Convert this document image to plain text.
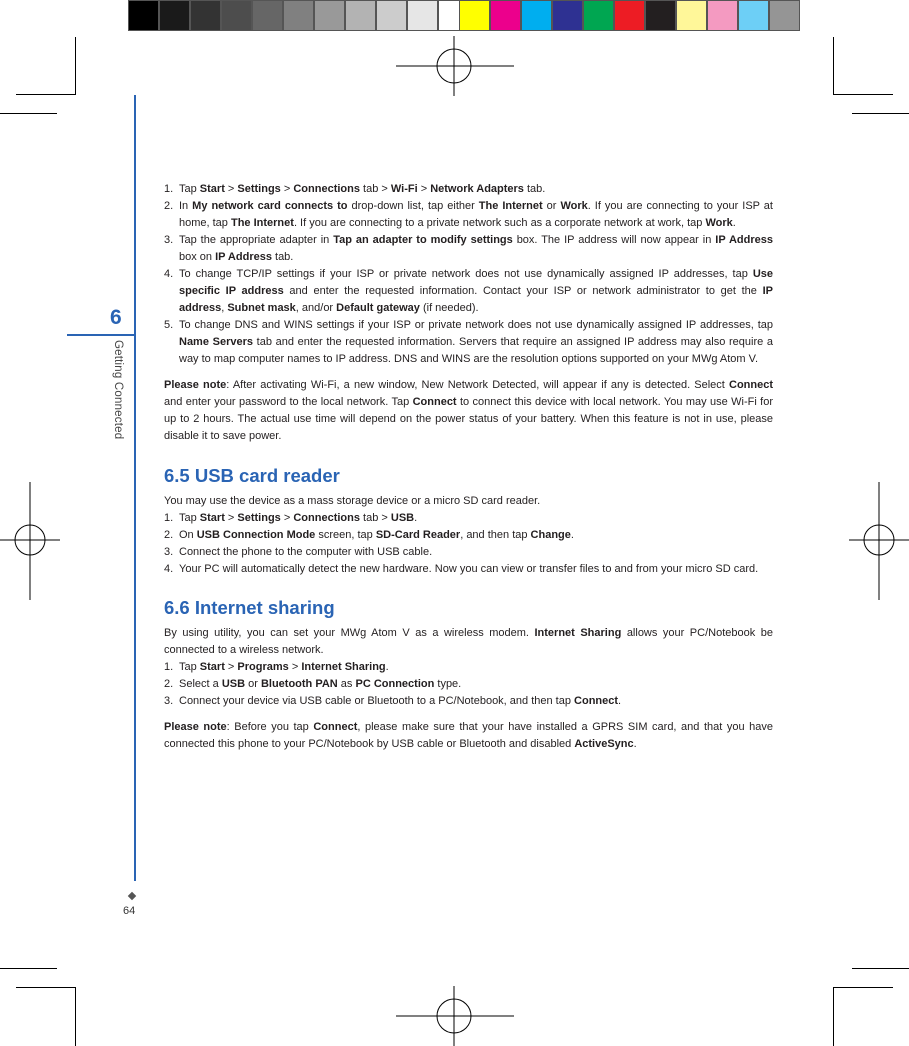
6
Getting Connected
64
1. Tap Start > Settings > Connections tab > Wi-Fi > Network Adapters tab.
2. In My network card connects to drop-down list, tap either The Internet or Work. If you are connecting to your ISP at home, tap The Internet. If you are connecting to a private network such as a corporate network at work, tap Work.
3. Tap the appropriate adapter in Tap an adapter to modify settings box. The IP address will now appear in IP Address box on IP Address tab.
4. To change TCP/IP settings if your ISP or private network does not use dynamically assigned IP addresses, tap Use specific IP address and enter the requested information. Contact your ISP or network administrator to get the IP address, Subnet mask, and/or Default gateway (if needed).
5. To change DNS and WINS settings if your ISP or private network does not use dynamically assigned IP addresses, tap Name Servers tab and enter the requested information. Servers that require an assigned IP address may also require a way to map computer names to IP address. DNS and WINS are the resolution options supported on your MWg Atom V.

Please note: After activating Wi-Fi, a new window, New Network Detected, will appear if any is detected. Select Connect and enter your password to the local network. Tap Connect to connect this device with local network. You may use Wi-Fi for up to 2 hours. The actual use time will depend on the power status of your battery. When this feature is not in use, please disable it to save power.

6.5 USB card reader

You may use the device as a mass storage device or a micro SD card reader.

1. Tap Start > Settings > Connections tab > USB.
2. On USB Connection Mode screen, tap SD-Card Reader, and then tap Change.
3. Connect the phone to the computer with USB cable.
4. Your PC will automatically detect the new hardware. Now you can view or transfer files to and from your micro SD card.
6.6 Internet sharing

By using utility, you can set your MWg Atom V as a wireless modem. Internet Sharing allows your PC/Notebook be connected to a wireless network.

1. Tap Start > Programs > Internet Sharing.
2. Select a USB or Bluetooth PAN as PC Connection type.
3. Connect your device via USB cable or Bluetooth to a PC/Notebook, and then tap Connect.

Please note: Before you tap Connect, please make sure that your have installed a GPRS SIM card, and that you have connected this phone to your PC/Notebook by USB cable or Bluetooth and disabled ActiveSync.
